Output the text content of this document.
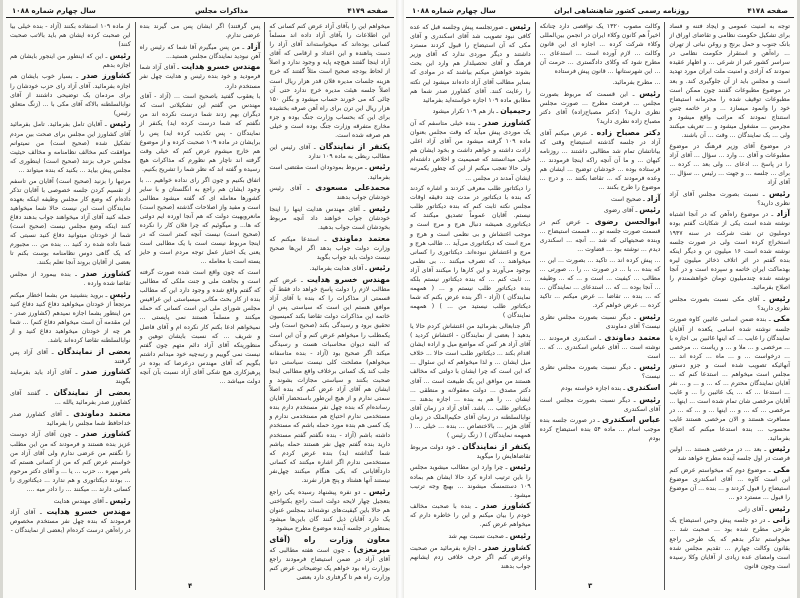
سال چهارم شماره ۱۰۸۸	مذاکرات مجلس	صفحه ۴۱۷۹
میخواهم این را بآقای آزاد عرض کنم کسانی که این اطلاعات را بآقای آزاد داده اند مسلماً کسانی بوده‌اند که میخواسته‌اند آقای آزاد را دست پناهنده و این اعداد و ارقامی که آقای آزاد اینجا گفتند هیچ‌چه پایه و وجود ندارد و اصلاً از لحاظ بودجه صحیح است مثلاً گفتند که خرج هزینه جلسات مدیره فلان قدر هزار ریال است اصلاً جلسه هیئت مدیره خرج ندارد حتی آن چائی که می خورند حساب میشود و بگلن ۱۵۰ هزار ریال این ترن برای راه آهن صرفه بخشیده برای این که بحساب وزارت جنگ بوده و جزء مخارج متفرقه وزارت جنگ بوده است و خیلی هم صرفه شده است.
یکنفر از نمایندگان ـ آقای رئیس این مطالب ربطی به ماده ۱۰۹ ندارد
رئیس ـ مربوط بمودودان است مقتضی است بفرمائید.
محمدعلی مسعودی ـ آقای رئیس خودشان جواب بدهند
رئیس ـ آقای مهندس هدایت اینها را اینجا خودشان جواب خواهند داد آنچه مربوط بخودشان است جواب بدهید.
معتمد دماوندی ـ استدعا میکنم که وزارت دولت جواب بدهد اگر این‌ها صحیح نیست دولت باید جواب بگوید
رئیس ـ آقای هدایت بفرمائید.
مهندس خسرو هدایت ـ عرض کنم مطالب لازم را دولت پاسخ خواهد داد فقط آن قسمتی از مذاکرات را که بنده با آقای آزاد موافق هستم این است که سیاستی پس از خاتمه این مذاکرات دولت تقاضا بکند کمیسیون تحقیق برود و رسیدگی بکند (صحیح است) ولی یکمطلب را میخواهم عرض کنم و آن این است که البته دیوان محاسبات هست و رسیدگی میکند اگر صحیح بود (آزاد - بنده متاسفانه میخواهم) مصلحت کلی نیست سیاستی دنیا جلب کند یک کسانی برخلاف واقع مطالبی اینجا صحبت بکنند و سیاستی مجازات بشوند و ایشان هم آقای آزاد عرض کنم که بنده اصلاً سمتی ندارم و از هیچ این‌طور باستحضار آقایان رسانده‌ام که بنده چهل نفر مستخدم دارم بنده مستخدمی ندارم احتیاج هم مستخدمی ندارم و یک کسی هم بنده مورد حمله باشم که مستخدم داشته باشم (آزاد - بنده نگفتم گفتم مستخدم دارید بنده گفتم چهل نفر هستند حمله بیاشم شما گذاشته اید) بنده عرض کردم که مستخدمی ندارم اگر اشاره میکنند که کسانی داردآقایانی که یکی هنگام میکنند چهل‌نفر نیستند آنها هشتاد و پنج هزار نفرند.
رئیس ـ دو نفره پیشنهاد رسیده یکی راجع بتعجیل چهار لایحه دولت است راجع بکنواختی هم حالا باین کیفیت‌های نوشته‌اند بمجلس عنوان یک دارد آقایان ذیل کنند گان باین‌ها میشود بمنظور در جلسه آینده موضوع مطرح میشود
معاون وزارت راه (آقای میرمعزی) ـ چون است هفته مطالبی که آقای آزاد در ضمن استیضاح فرمودند راجع بوزارت راه بود خواهم یک توضیحاتی عرض کنم وزارت راه هم تا گرفتاری دارد بعضی
پس گرفتند) اگر ایشان پس می گیرند بنده عرضی ندارم.
آزاد ـ من پس میگیرم آقا شما که رئیس راه آهن نبودید نمایندگان مجلس هستید...
مهندس خسرو هدایت ـ آقای آزاد شما فرمودید و خود بنده رئیس و هدایت چهل نفر مستخدم دارد.
با یعقوب گفتید باصحیح است ... (آزاد - آقای مهندس من گفتم این تشکیلاتی است که دیگران بهم زدند شما درست نکرده اند من نگفتم که شما درست کرده اید) یکنفر از نمایندگان - پس تکذیب کرده اید) پس را برایشان در ماده ۱۰۹ صحبت کرده و از موضوع هم خارج میشوم عرض کنم که خیلی وقت گرفته اند ناچار هم نظورم که مذاکرات هیچ رسیده و گفته اند که نظر شما را تشریح بکنیم.
اتفاق بکنیم و چون اگر رای نداده خواهیم ... با وجود ایشان هم راجع به انگلستان و با سایر کشورها معامله ای که گفته میشود مطالبی است و مفید واز اصلاحات گذشته (صحیح است) مانعرویهیت دولت که هم آنجا اورده ایم دولتی که ها... و میگوئیم که چرا فلان کار را نکرده (صحیح است) نیست آنچه کمتر است که در اینجا مربوط نیست است با یک مطالبی است یعنی یک اختیار عمل توجه مردم است و حایز یسته است با معامله ...
است که چون واقع است شده صورت گرفته است و بجاهت ملی و جنت ملکی که مطالبی که گفتم واقع شده و وجود دارد این که مطالب بنده از کار بحث مکانی میسیاستی این عراقیس مجلس شورای ملی این است کسانی که حمله میکنند و مسلماً هستند نمی پایستی ... نمیخواهم ادعا بکنم کار نکرده ام و آقای فاضل و شریف ... که نسبت بایشان توهین و منظورینکه آقای آزاد دائم متهم چون گفتم نیست نمی گوییم و رتبه‌چیه خود میدانم داشتم بگویم که آقای مهندس درعرصا که بوده در پرهیزکاری هیچ شکی آقای آزاد نسبت بآن آنچه دولت میباشد ...
از ماده ۱۰۹ استفاده بکنند (آزاد - بنده خیلی بیا این صحبت کرده ایشان هم باید بالاتب صحبت کنند)
رئیس ـ این که اینطور من اینجور بایشان هم اجازه بدهم
کشاورز صدر ـ بسیار خوب بایشان هم اجازه بفرمائید. آقای آزاد رای حزب خودشان را برای مردمان یک توضیحی داشتند از آقای نوابالسلطنه بالاکه آقای مکی با ... (زنگ متعلق رئیس)
رئیس ـ آقایان تامل بفرمائید. تامل بفرمائید آقای کشاورز این مجلس برای صحت بین مردم تشکیل شده (صحیح است) من نمیتوانم موافقت کنم مخالف نظامنامه و مخالف حیثیت مجلس حرف بزنند (صحیح است) اینطوری که مجلس پیش بیاید ... بکنید که بنده میتواند ...
مرتبها را بزنید (صحیح است) آقایان من تاسفم از تقسیم کردن جلسه خصوصی با آقایان تذکر داده‌ام که وضع کار مجلس وظیفه اینکه بعهده نمایندگان است این نیست حالا شما میخواهید حمله کنید آقای آزاد میخواهند جواب بدهند دفاع کنند اینکه وضع مجلس نیست (صحیح است) شما از خودتان میتوانید دفاع کنید نسبتی که شما داده شده رد کنید ... بنده من ... مجبورم که یک گاهی دوس نظامنامه بوست بکنم تا بعضی از آقایان بروند آنجا تعلم بکنند.
کشاورز صدر ـ بنده بیمورد از مجلس تقاضا شده وارده .
رئیس ـ بروید بنشینید من بشما اخطار میکنم مرتجعاً از خودتان میخواهید دفاع کنید دفاع کنید من اینطور بشما اجازه نمیدهم (کشاورز صدر - این مقدمه آن است میخواهم دفاع کنم) ... شما هر چه از خودتان میخواهید دفاع کنید و از نوابالسلطنه تقاضا کرده‌اند باشد.
بعضی از نمایندگان ـ آقای آزاد پس گرفتند
کشاورز صدر ـ آقای آزاد باید بفرمایند بگویند
بعضی از نمایندگان ـ گفتند آقای کشاورز صدر بفرمائید یالله ...
معتمد دماوندی ـ آقای کشاورز صدر خداحافظ شما مجلس را بفرمائید
کشاورز صدر ـ چون آقای آزاد دوست عزیز بنده هستند و فرمودند که من این مطلب را نگفتم من عرضی ندارم ولی آقای آزاد من خواستم عرض کنم که من از کسانی هستم که بامر مهره ... حزب ... یا ... و آقای دکتر مرحوم ... بودند دیکتاتوری و هم ندارد ... دیکتاتوری را کسانی دارند ... میکنند ... را دادر میه ....
رئیس ـ آقای مهندس هدایت
مهندس خسرو هدایت ـ آقای آزاد فرمودند که بنده چهل نفر مستخدم مخصوص در راه‌آهن درست کرده‌ام (بعضی از نمایندگان -
۴
سال چهارم شماره ۱۰۸۸	روزنامه رسمی کشور شاهنشاهی ایران	صفحه ۴۱۷۸
توجه به امنیت عمومی و ایجاد فتنه و فساد برای تشکیل حکومت نظامی و تقاضای اوراق از بانک جنوب و حمل برنج و روغن نباتی از تهران ... راه‌آهن و استقرار حکومت نظامی در سراسر کشور غیر از شرعی ... و اظهار عقیده نمودند که آزادی و امنیت ملت ایران مورد تهدید است و مجلس باید از آن جلوگیری کند. و بعد در موضوع مطبوعات گفتند چون ممکن است مطبوعات توقیف شده را مجرمانه استیضاح خود را وانمود میسازد ... و در خاتمه چنین استنتاج نمودند که مراتب واقع میشود و مجرمین ... مشغول میشود و ... تعریف میکنند ولی ... یک نمایندگان ... وقت ... آن باشند.
در موضوع آقای وزیر فرهنگ در موضوع مطبوعات و آقای ... وارد ... سؤال ... آقای آزاد را در پاسخ ... ادعای ... ولی بعد ... کرده ... برای ... جلسه ... و جهت ... رئیس ... سؤال ... آقای آزاد
رئیس ـ نسبت بصورت مجلس آقای آزاد نظری دارید؟
آزاد ـ در موضوع راه‌آهن که در آنجا اشتباه نوشته شده است یکی از شکایات گفتم بوده دوملیون تن نفت شرکت در سنه ۱۹۴۷ استخراج کرده است ولی در صورت جلسه نوشته شده است ۱۶ میلیون تن و دیگر اینکه بنده گفتم در اثر اتلاف ذخائر میلیون لیره بهدماکت ایران خاتمه و سپرده است و در آنجا نوشته شده چندمیلیون تومان خواهشمندم را اصلاح بفرمائید.
رئیس ـ آقای مکی نسبت بصورت مجلس نظری دارید؟
مکی ـ بنده ضمن اسامی غائبین کاوه صورت جلسه نوشته شده اسامی یکعده از آقایان نمایندگان را غایب ... که اینها غائبین بی اجازه یا ... مرخصی و ... ملا و ... و ریاست ... مرخصی ... درخواست ... و ... ماه ... کرده اند ... آنهائیکه تصویب شده است و جزو دستور مجلس است میخواهم ... استدعا کنم که ... آقایان نمایندگان محترم ... که ... و ... و ... نفر ... استدعا ... که ... یک غائبین را ... و غایب آقایان مرخصی شان تمام شده است ... اینها ... مرخصی ... که ... و ... اینها ... و ... که ... در مسافرت هستند و الان مرخصی هستند غایب محسوب ... بنده استدعا میکنم که اصلاح بفرمائید.
رئیس ـ بعد ... در مرخصی هستند ... اولین فرصت در اول جلسه آینده مطرح خواهد شد
مکی ـ موضوع دوم که میخواستم عرض کنم این است کاوه ... آقای اسکندری موضوع استیضاح را قبول کردند و ... بنده ... آن موضوع را قبول ... مسترد دو ...
رئیس ـ آقای زانی
زانی ـ در دو جلسه پیش وحین استیضاح یک طرحی مطرح شده بود ... صحبت شد ... میخواستم تذکر بدهم که یک طرحی راجع بقانون وکالت چهارم ... تقدیم مجلس شده است وامضای عده زیادی از آقایان وکلا رسیده است وچون قانون
وکالت مصوب ۱۳۲۰ یک نواقصی دارد چنانکه اخیراً هم کانون وکلاء ایران در انجمن بین‌المللی وکلاء شرکت کرده ... اجازه ای این قانون وکالت ... لازم آورده است ... استدعای ... مطرح شود که وکلای دادگستری ... حرمت آن ... این شهرستانها ... قانون پیش فرستاده
... مطرح بفرمائید.
رئیس ـ این قسمت که مربوط بصورت مجلس ... فرصت مطرح ... صورت مجلس نظری دارید؟ (دکتر مصباح‌زاده) آقای دکتر مصباح زاده نظری دارید؟
دکتر مصباح زاده ـ عرض میکنم آقای آزاد در جلسه گذشته استیضاح وقتی که بیاناتشان تمام شد مطالبی داشتند ... روزنامه کیهان ... و ما آن آنچه راکه اینجا فرمودند ... فرستاده بوده ... خودشان توضیح ... ایشان هم وعده فرمودند که ... تقاضا بکنند ... و درج ... موضوع را طرح بکنند ...
آزاد ـ صحیح است
رئیس ـ آقای رضوی
ابوالحسن رضوی ـ عرض کنم در قسمت صورت جلسه تو ... قسمت استیضاح ... وبنده صحبتهائی که شد ... آنچه ... اسکندری دیدم ... نوشته بود ... قضاوت ...
... پیش کرده اند ... تاکید ... بصورت ... این ... که بنده ... با ... در صورت ... را ... صورتی ... مطالب ... کیفیت ... است و ... که ... وظیفه ... آنجا بوده ... که ... استدعای ... نمایندگان ... که ... بنده ... تقاضا ... عرض میکنم ... تاکید کرده ... عرض خواهم کرد.
رئیس ـ دیگر نسبت بصورت مجلس نظری نیست؟ آقای دماوندی
معتمد دماوندی ـ اسکندری فرمودند ... نوشته است ... آقای عباس اسکندری ... که ... است
رئیس ـ دیگر نسبت بصورت مجلس نظری نیست؟
اسکندری ـ بنده اجازه خواسته بودم
رئیس ـ دیگر نسبت بصورت مجلس است آقای اسکندری
عباس اسکندری ـ در صورت جلسه بنده موجب اسام ... ماده ۵۴ بنده استیضاح کرده بودم
رئیس ـ صورتجلسه پیش وجلسه قبل که عده کافی نبود تصویب شد آقای اسکندری و آقای مکی که آن استیضاح را قبول کردند مسترد داشتند و دیگر موردی ندارد که آقای وزیر فرهنگ و آقای تحصیلدار هم وارد این بحث بشوند خواهش میکنم بیاشند که در موادی که بسایر مطالب آقای آزاد داده‌اند میشود این نکته را رعایت کنند. آقای کشاورز صدر شما هم مطابق ماده ۱۰۹ اجازه خواسته‌اید بفرمائید
رحیمیان ـ باز هم ۱۰۹ تکرار میشود
کشاورز صدر ـ بنده خیلی متاسفم که آن یک موردی پیش میآید که وقت مجلس بعنوان ماده ۱۰۹ گرفته میشود من آقای آزاد اعلی ارادت داشته و خواهم داشت و بخود ایشان هم خیلی میدانستند که صمیمیت و اخلاص داشته‌ام ولی حالا تعجب میکنم از این که چطور یکمرتبه ایشان آمدند در مجلس ...
را دیکتاتور طلب معرفی کردند و اشاره کردند که بنده با دیکتاتور در مدت چند دقیقه اوقات مجلس نکته ثابت کنم که بنده دیکتاتور طلب نیستم. آقایان عموماً تصدیق میکنند که دیکتاتوری همیشه دنبال هرج و مرج است و موجب اغتشاش و بی نظمی است و هرج و مرج است که دیکتاتوری می‌آید ... طالب هرج و مرج و اغتشاش نبوده‌اند. دیکتاتوری را کسانی میخواهند ... که تصرف میکنند ... بی نظمی بوجود می‌آورند و این کارها را میکنند آقای آزاد ... ثابت کنم ... که بنده دیکتاتور نیستم بلکه بنده دیکتاتور طلب نیستم و ... ( همهمه نمایندگان ) (آزاد - اگر بنده عرض بکنم که شما دیکتاتور طلب نیستید من ... ) ( همهمه نمایندگان )
اگر جنابعالی بفرمائید من اغتشاش کردم حالا یا بدهید ( بعضی از نمایندگان - اغتشاش کردید ) آقای آزاد هر کس که مواضع میل و اراده ایشان اقدام بکند ... دیکتاتور طلب است حالا ... خلاف میل ایشان ... و لذا میخواهم که این سئوال ... که این است که چرا ایشان با دولتی که مخالف هستند من موافق این یک طبیعت است ... آقای دکتر مصدق ... دولت معقولانه و منطقی ... ایشان ... را هم به بنده ... اجازه بدهند ... دیکتاتور طلب ... باشد. آقای آزاد در زمان آقای نوابالسلطنه در زمان آقای حکیم‌الملک در زمان آقای هژیر ... بالاختصاص ... بنده ... خیلی ... ( همهمه نمایندگان ) ( زنگ رئیس )
یکنفر از نمایندگان ـ خود دولت مربوط تقاضاهایش را میگوید
رئیس ـ چرا وارد این مطالب میشوید مجلس را باین ترتیب اداره کرد حالا ایشان هم بماده ۱۰۹ دستتمسک میشوند ... بهیچ وجه ترتیب میشود .
کشاورز صدر ـ بنده با صحبت مخالف خودم را بیان میکنم و این را خاطره دارم که میخواهم عرض کنم.
رئیس ـ صحبت نسبت بهم شد
کشاورز صدر ـ اجازه بفرمائید من صحبت واعرض کنم اگر حرف خلافی زدم ایشانهم جواب بدهند
۳
